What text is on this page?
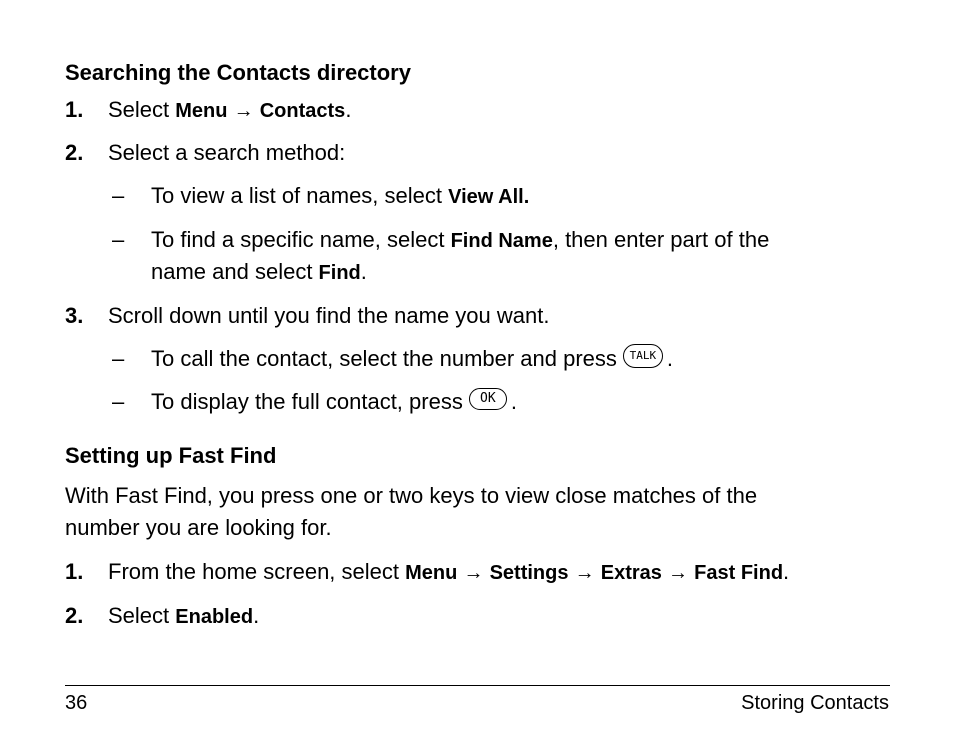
Searching the Contacts directory
1. Select Menu → Contacts.
2. Select a search method:
– To view a list of names, select View All.
– To find a specific name, select Find Name, then enter part of the
name and select Find.
3. Scroll down until you find the name you want.
– To call the contact, select the number and press TALK .
– To display the full contact, press OK .
Setting up Fast Find
With Fast Find, you press one or two keys to view close matches of the
number you are looking for.
1. From the home screen, select Menu → Settings → Extras → Fast Find.
2. Select Enabled.
36	Storing Contacts
